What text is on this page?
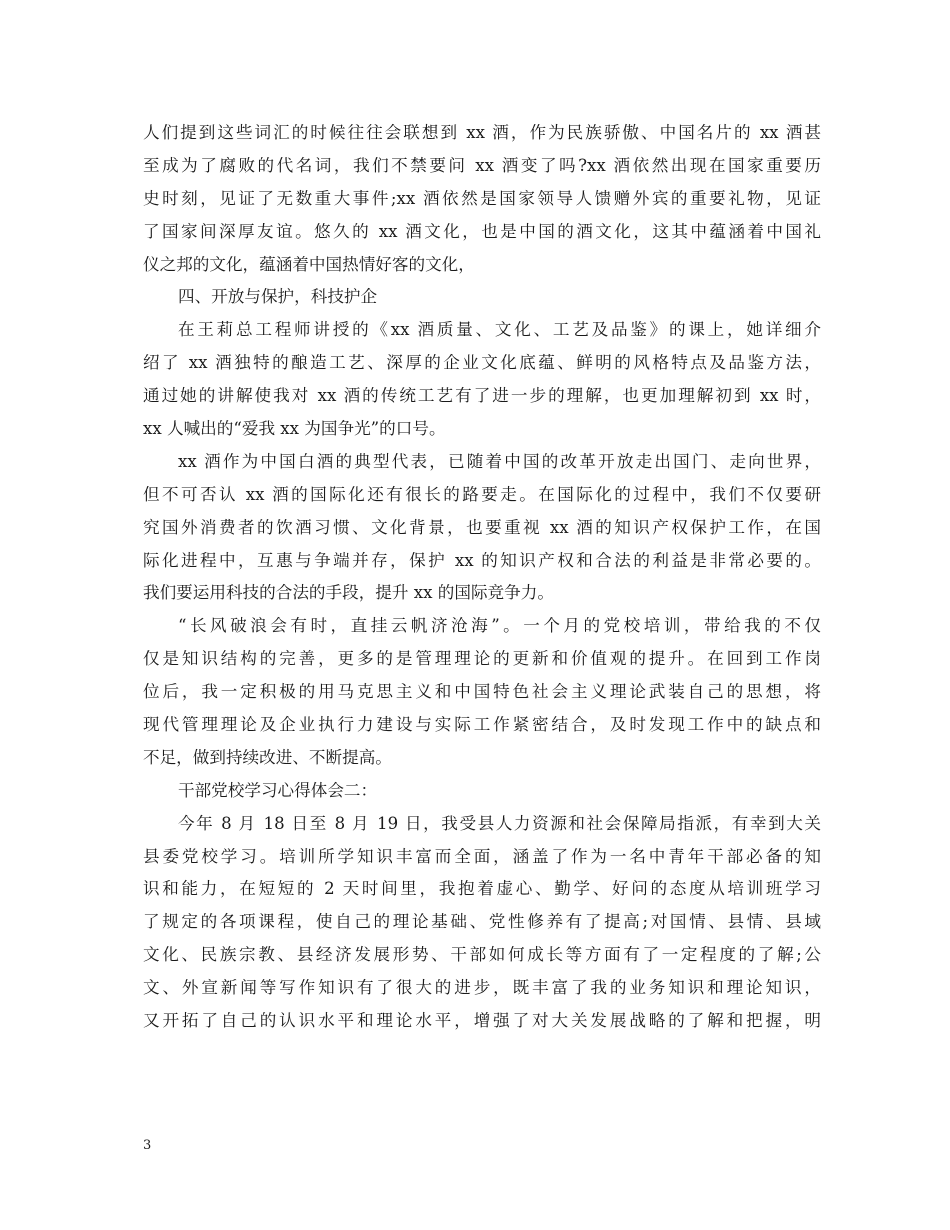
人们提到这些词汇的时候往往会联想到 xx 酒，作为民族骄傲、中国名片的 xx 酒甚
至成为了腐败的代名词，我们不禁要问 xx 酒变了吗?xx 酒依然出现在国家重要历
史时刻，见证了无数重大事件;xx 酒依然是国家领导人馈赠外宾的重要礼物，见证
了国家间深厚友谊。悠久的 xx 酒文化，也是中国的酒文化，这其中蕴涵着中国礼
仪之邦的文化，蕴涵着中国热情好客的文化，
四、开放与保护，科技护企
在王莉总工程师讲授的《xx 酒质量、文化、工艺及品鉴》的课上，她详细介
绍了 xx 酒独特的酿造工艺、深厚的企业文化底蕴、鲜明的风格特点及品鉴方法，
通过她的讲解使我对 xx 酒的传统工艺有了进一步的理解，也更加理解初到 xx 时，
xx 人喊出的“爱我 xx 为国争光”的口号。
xx 酒作为中国白酒的典型代表，已随着中国的改革开放走出国门、走向世界，
但不可否认 xx 酒的国际化还有很长的路要走。在国际化的过程中，我们不仅要研
究国外消费者的饮酒习惯、文化背景，也要重视 xx 酒的知识产权保护工作，在国
际化进程中，互惠与争端并存，保护 xx 的知识产权和合法的利益是非常必要的。
我们要运用科技的合法的手段，提升 xx 的国际竞争力。
“长风破浪会有时，直挂云帆济沧海”。一个月的党校培训，带给我的不仅
仅是知识结构的完善，更多的是管理理论的更新和价值观的提升。在回到工作岗
位后，我一定积极的用马克思主义和中国特色社会主义理论武装自己的思想，将
现代管理理论及企业执行力建设与实际工作紧密结合，及时发现工作中的缺点和
不足，做到持续改进、不断提高。
干部党校学习心得体会二：
今年 8 月 18 日至 8 月 19 日，我受县人力资源和社会保障局指派，有幸到大关
县委党校学习。培训所学知识丰富而全面，涵盖了作为一名中青年干部必备的知
识和能力，在短短的 2 天时间里，我抱着虚心、勤学、好问的态度从培训班学习
了规定的各项课程，使自己的理论基础、党性修养有了提高;对国情、县情、县域
文化、民族宗教、县经济发展形势、干部如何成长等方面有了一定程度的了解;公
文、外宣新闻等写作知识有了很大的进步，既丰富了我的业务知识和理论知识，
又开拓了自己的认识水平和理论水平，增强了对大关发展战略的了解和把握，明
3
